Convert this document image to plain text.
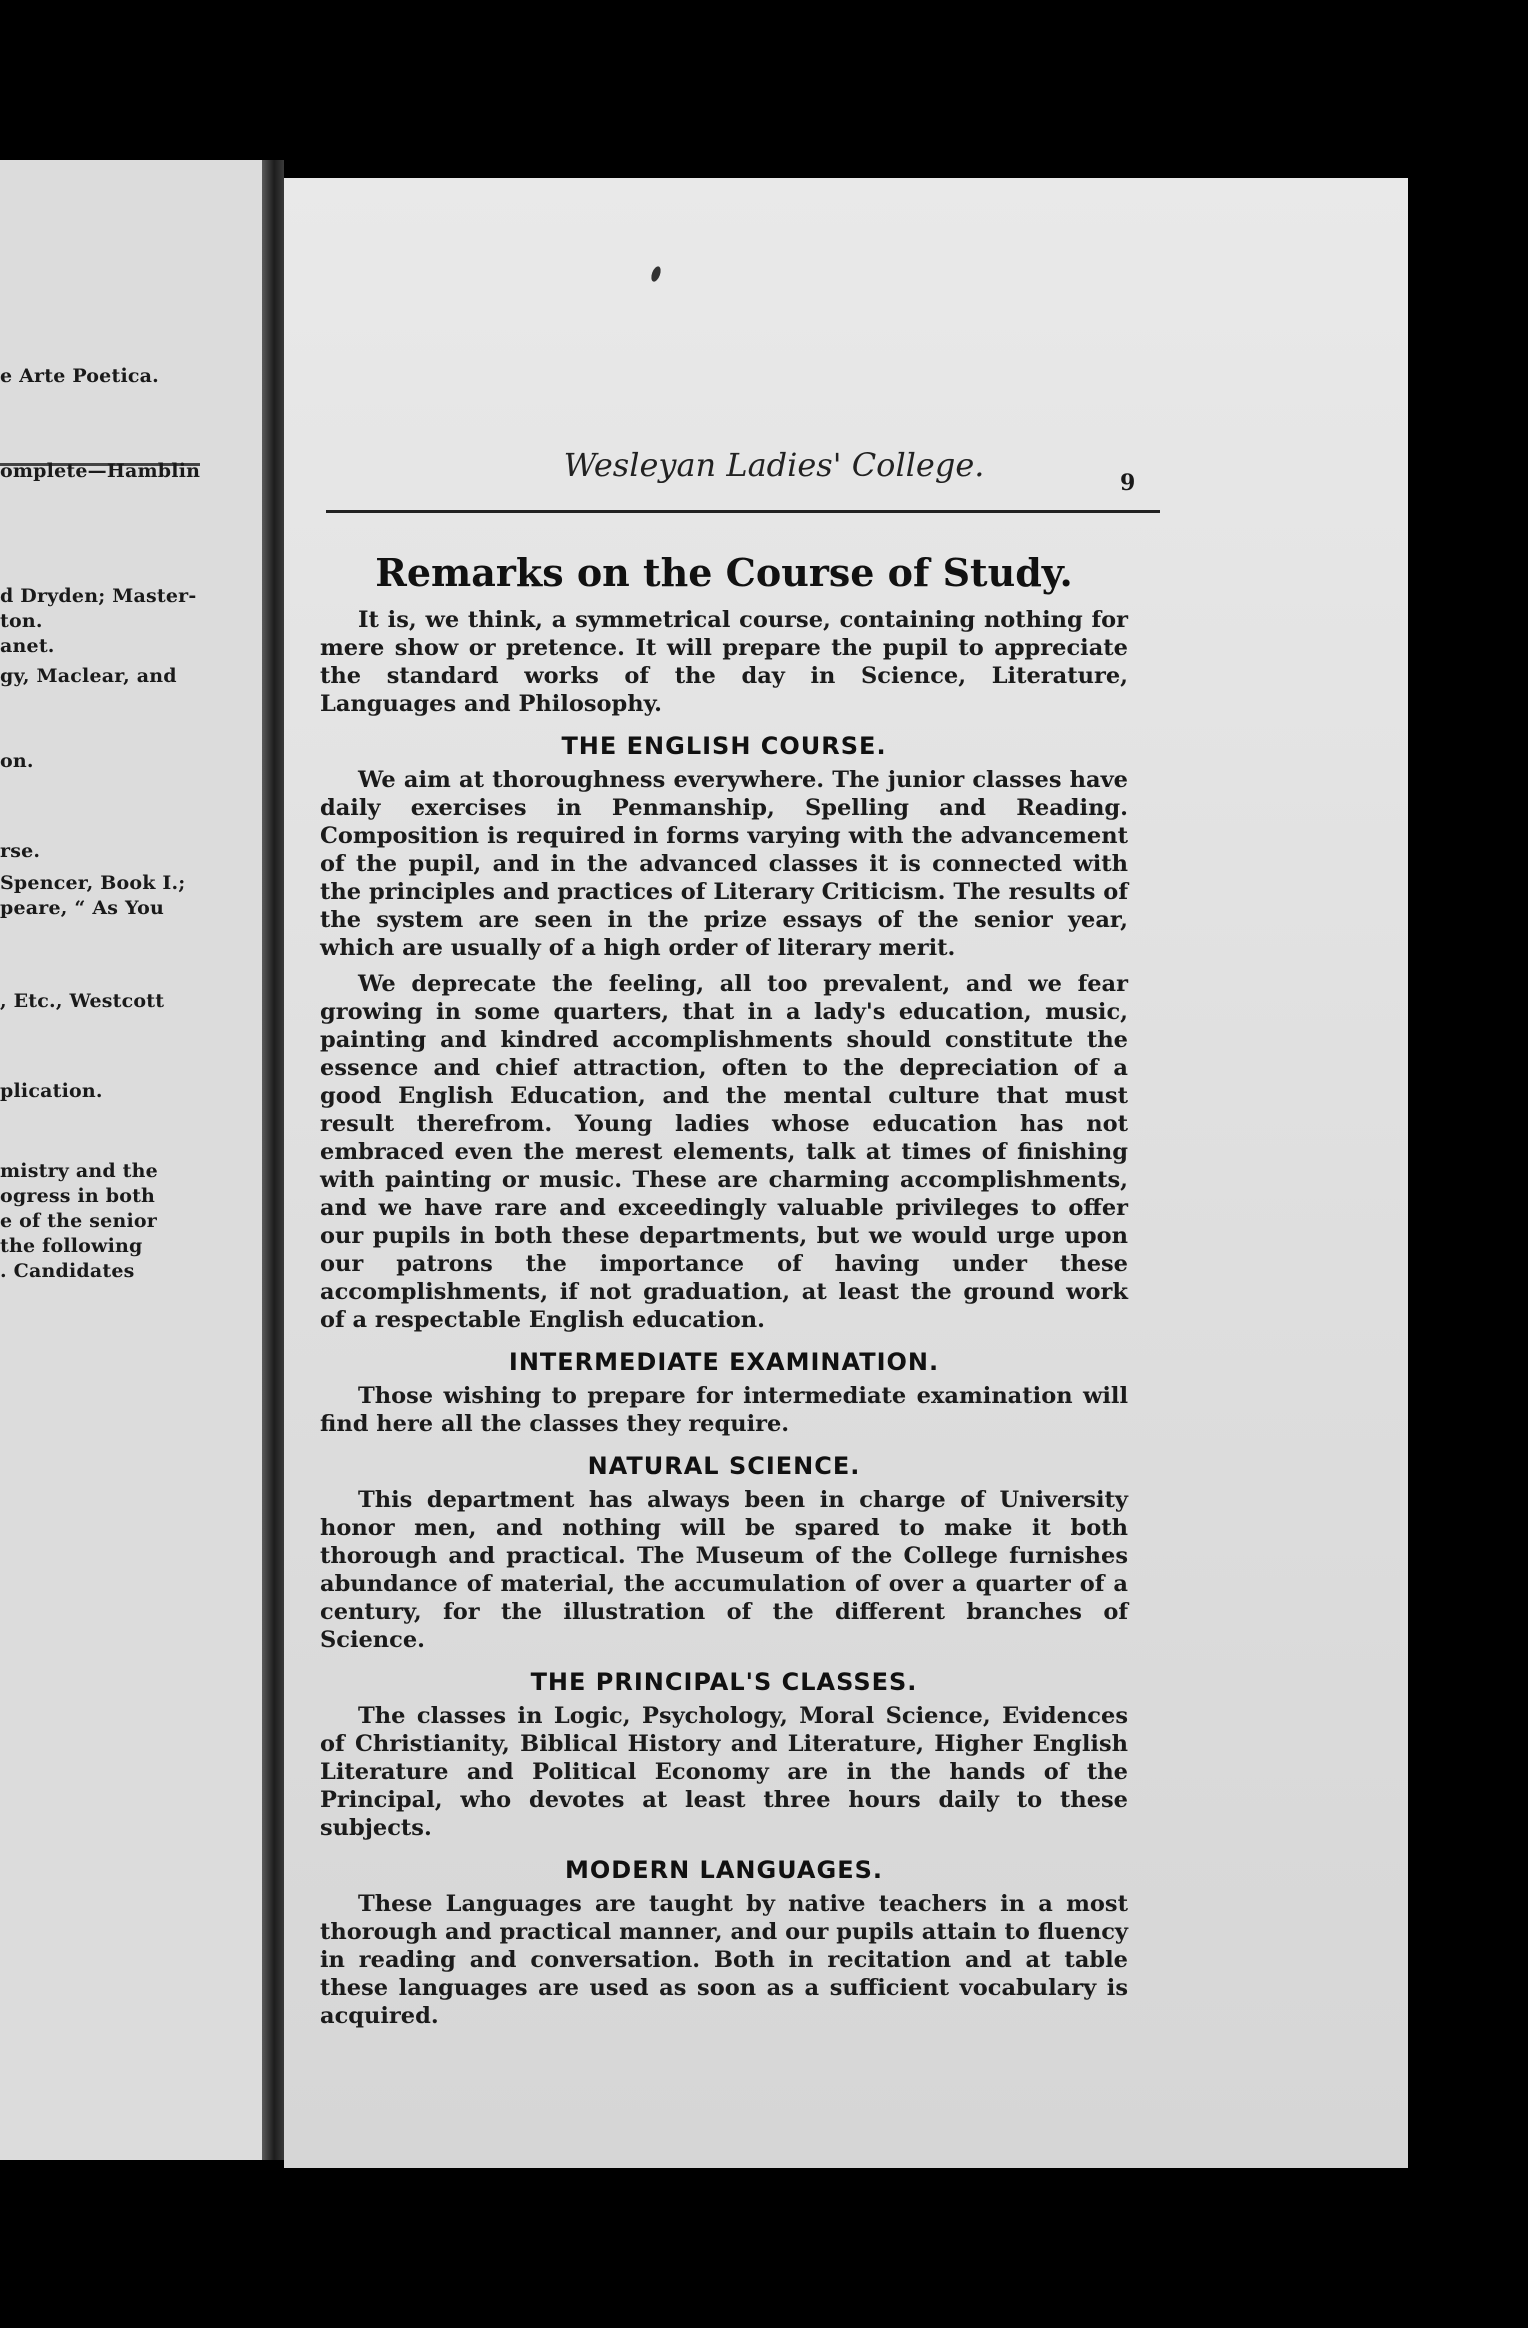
e Arte Poetica.
omplete—Hamblin
d Dryden; Master-
ton.
anet.
gy, Maclear, and
on.
rse.
Spencer, Book I.;
peare, “ As You
, Etc., Westcott
plication.
mistry and the
ogress in both
e of the senior
the following
. Candidates
Wesleyan Ladies' College.	9
Remarks on the Course of Study.

It is, we think, a symmetrical course, containing nothing for mere show or pretence. It will prepare the pupil to appreciate the standard works of the day in Science, Literature, Languages and Philosophy.

THE ENGLISH COURSE.

We aim at thoroughness everywhere. The junior classes have daily exercises in Penmanship, Spelling and Reading. Composition is required in forms varying with the advancement of the pupil, and in the advanced classes it is connected with the principles and practices of Literary Criticism. The results of the system are seen in the prize essays of the senior year, which are usually of a high order of literary merit.

We deprecate the feeling, all too prevalent, and we fear growing in some quarters, that in a lady's education, music, painting and kindred accomplishments should constitute the essence and chief attraction, often to the depreciation of a good English Education, and the mental culture that must result therefrom. Young ladies whose education has not embraced even the merest elements, talk at times of finishing with painting or music. These are charming accomplishments, and we have rare and exceedingly valuable privileges to offer our pupils in both these departments, but we would urge upon our patrons the importance of having under these accomplishments, if not graduation, at least the ground work of a respectable English education.

INTERMEDIATE EXAMINATION.

Those wishing to prepare for intermediate examination will find here all the classes they require.

NATURAL SCIENCE.

This department has always been in charge of University honor men, and nothing will be spared to make it both thorough and practical. The Museum of the College furnishes abundance of material, the accumulation of over a quarter of a century, for the illustration of the different branches of Science.

THE PRINCIPAL'S CLASSES.

The classes in Logic, Psychology, Moral Science, Evidences of Christianity, Biblical History and Literature, Higher English Literature and Political Economy are in the hands of the Principal, who devotes at least three hours daily to these subjects.

MODERN LANGUAGES.

These Languages are taught by native teachers in a most thorough and practical manner, and our pupils attain to fluency in reading and conversation. Both in recitation and at table these languages are used as soon as a sufficient vocabulary is acquired.
